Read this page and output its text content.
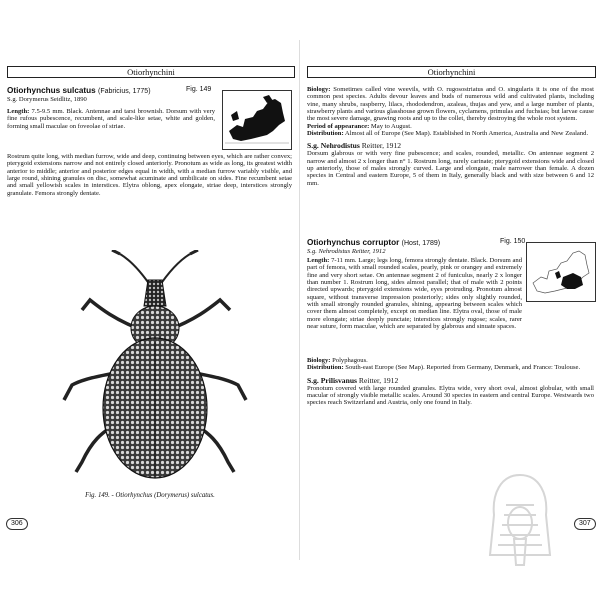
Otiorhynchini
Fig. 149

Otiorhynchus sulcatus (Fabricius, 1775)

S.g. Dorymerus Seidlitz, 1890

Length: 7.5-9.5 mm. Black. Antennae and tarsi brownish. Dorsum with very fine rufous pubescence, recumbent, and scale-like setae, white and golden, forming small maculae on foveolae of striae.

Rostrum quite long, with median furrow, wide and deep, continuing between eyes, which are rather convex; pterygoid extensions narrow and not entirely closed anteriorly. Pronotum as wide as long, its greatest width anterior to middle; anterior and posterior edges equal in width, with a median furrow variably visible, and large round, shining granules on disc, somewhat acuminate and umbilicate on sides. Fine recumbent setae and small yellowish scales in interstices. Elytra oblong, apex elongate, striae deep, interstices strongly granulate. Femora strongly dentate.

Fig. 149. - Otiorhynchus (Dorymerus) sulcatus.
306
Otiorhynchini

Biology: Sometimes called vine weevils, with O. rugosostriatus and O. singularis it is one of the most common pest species. Adults devour leaves and buds of numerous wild and cultivated plants, including vine, many shrubs, raspberry, lilacs, rhododendron, azaleas, thujas and yew, and a large number of plants, strawberry plants and various glasshouse grown flowers, cyclamens, primulas and fuchsias; but larvae cause the most severe damage, gnawing roots and up to the collet, thereby destroying the whole root system.

Period of appearance: May to August.

Distribution: Almost all of Europe (See Map). Established in North America, Australia and New Zealand.

S.g. Nehrodistus Reitter, 1912

Dorsum glabrous or with very fine pubescence; and scales, rounded, metallic. On antennae segment 2 narrow and almost 2 x longer than n° 1. Rostrum long, rarely carinate; pterygoid extensions wide and closed up anteriorly, those of males strongly curved. Large and elongate, male narrower than female. A dozen species in Central and eastern Europe, 5 of them in Italy, generally black and with size between 6 and 12 mm.

Fig. 150

Otiorhynchus corruptor (Host, 1789)

S.g. Nehrodistus Reitter, 1912

Length: 7-11 mm. Large; legs long, femora strongly dentate. Black. Dorsum and part of femora, with small rounded scales, pearly, pink or orangey and extremely fine and very short setae. On antennae segment 2 of funiculus, nearly 2 x longer than number 1. Rostrum long, sides almost parallel; that of male with 2 points directed upwards; pterygoid extensions wide, eyes protruding. Pronotum almost square, without transverse impression posteriorly; sides only slightly rounded, with small strongly rounded granules, shining, appearing between scales which cover them almost completely, except on median line. Elytra oval, those of male more elongate; striae deeply punctate; interstices strongly rugose; scales, rarer near suture, form maculae, which are separated by glabrous and sinuate spaces.

Biology: Polyphagous.

Distribution: South-east Europe (See Map). Reported from Germany, Denmark, and France: Toulouse.

S.g. Prilisvanus Reitter, 1912

Pronotum covered with large rounded granules. Elytra wide, very short oval, almost globular, with small macular of strongly visible metallic scales. Around 30 species in eastern and central Europe. Westwards two species reach Switzerland and Austria, only one found in Italy.

307
